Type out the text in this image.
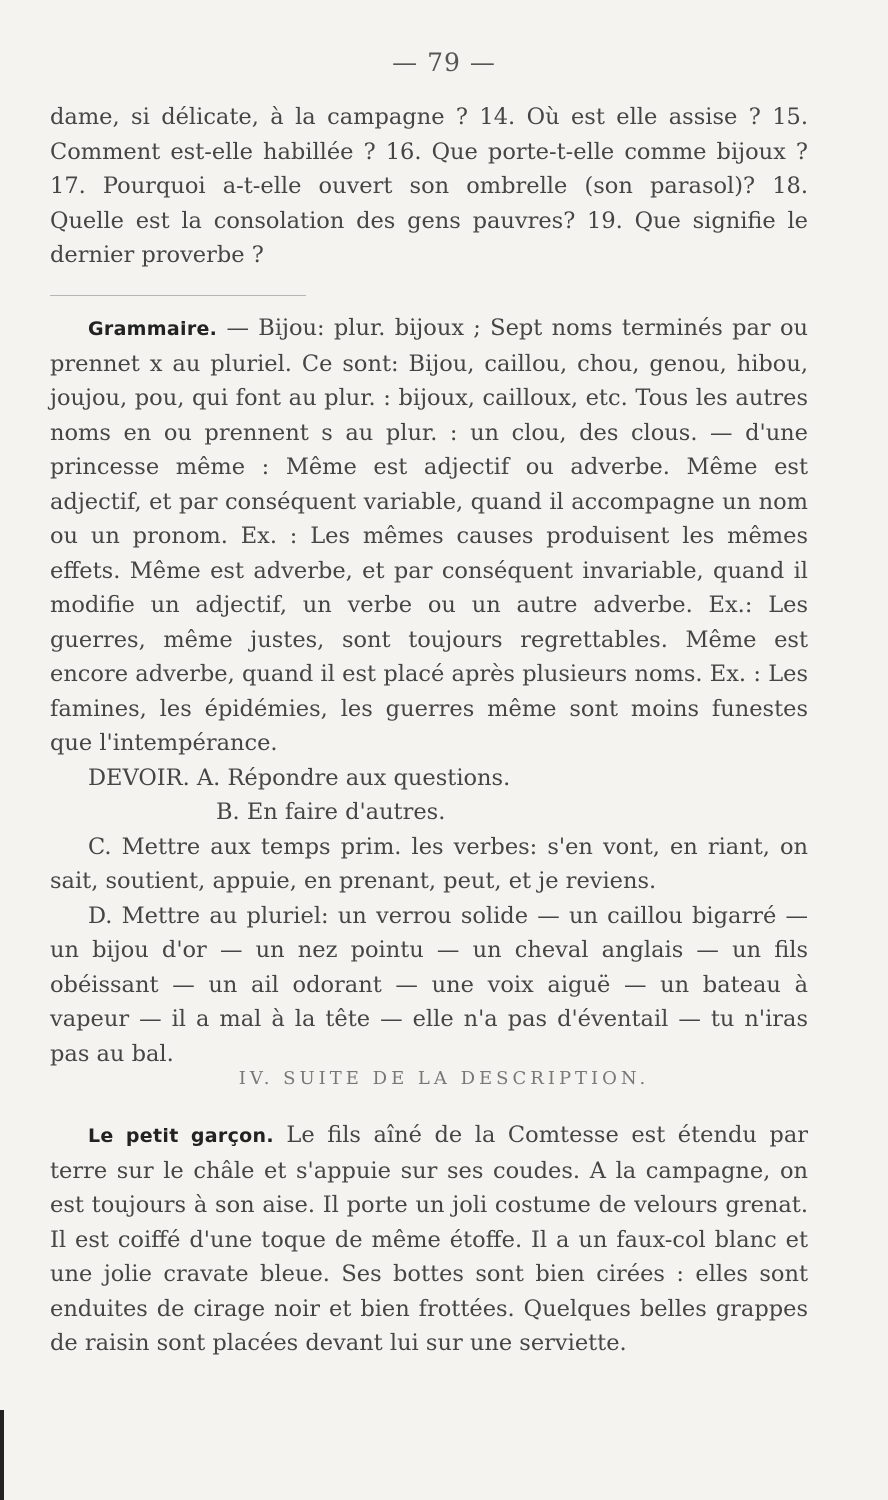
— 79 —

dame, si délicate, à la campagne ? 14. Où est elle assise ? 15. Comment est-elle habillée ? 16. Que porte-t-elle comme bijoux ? 17. Pourquoi a-t-elle ouvert son ombrelle (son parasol)? 18. Quelle est la consolation des gens pauvres? 19. Que signifie le dernier proverbe ?

Grammaire. — Bijou: plur. bijoux ; Sept noms terminés par ou prennet x au pluriel. Ce sont: Bijou, caillou, chou, genou, hibou, joujou, pou, qui font au plur. : bijoux, cailloux, etc. Tous les autres noms en ou prennent s au plur. : un clou, des clous. — d'une princesse même : Même est adjectif ou adverbe. Même est adjectif, et par conséquent variable, quand il accompagne un nom ou un pronom. Ex. : Les mêmes causes produisent les mêmes effets. Même est adverbe, et par conséquent invariable, quand il modifie un adjectif, un verbe ou un autre adverbe. Ex.: Les guerres, même justes, sont toujours regrettables. Même est encore adverbe, quand il est placé après plusieurs noms. Ex. : Les famines, les épidémies, les guerres même sont moins funestes que l'intempérance.

DEVOIR. A. Répondre aux questions.

B. En faire d'autres.

C. Mettre aux temps prim. les verbes: s'en vont, en riant, on sait, soutient, appuie, en prenant, peut, et je reviens.

D. Mettre au pluriel: un verrou solide — un caillou bigarré — un bijou d'or — un nez pointu — un cheval anglais — un fils obéissant — un ail odorant — une voix aiguë — un bateau à vapeur — il a mal à la tête — elle n'a pas d'éventail — tu n'iras pas au bal.

IV. SUITE DE LA DESCRIPTION.

Le petit garçon. Le fils aîné de la Comtesse est étendu par terre sur le châle et s'appuie sur ses coudes. A la campagne, on est toujours à son aise. Il porte un joli costume de velours grenat. Il est coiffé d'une toque de même étoffe. Il a un faux-col blanc et une jolie cravate bleue. Ses bottes sont bien cirées : elles sont enduites de cirage noir et bien frottées. Quelques belles grappes de raisin sont placées devant lui sur une serviette.
